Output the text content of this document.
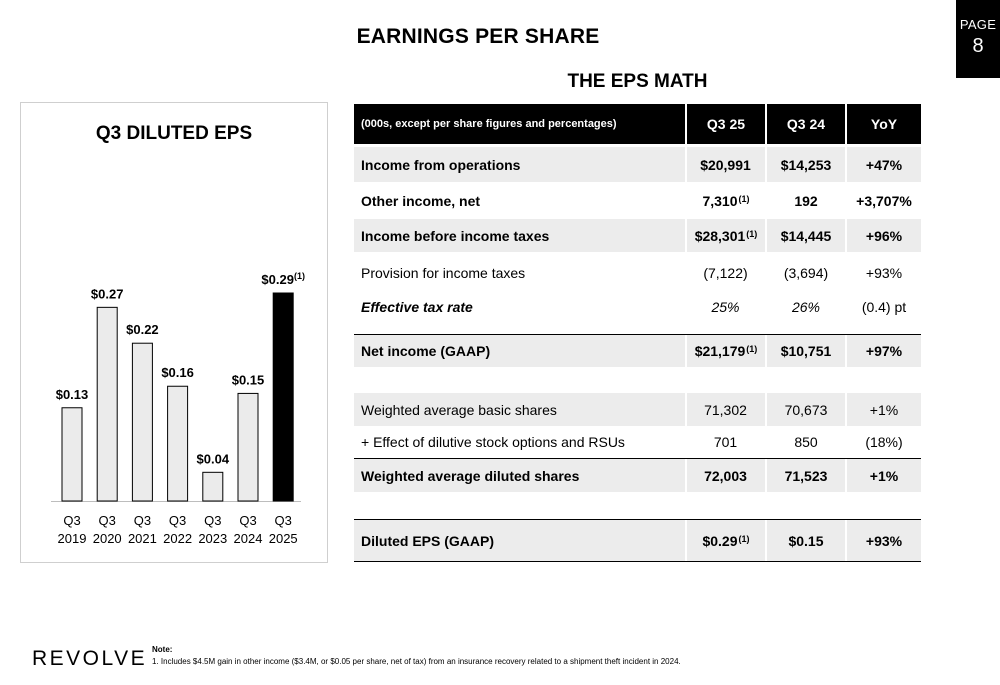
PAGE
8
EARNINGS PER SHARE
THE EPS MATH
Q3 DILUTED EPS
$0.13
Q3
2019
$0.27
Q3
2020
$0.22
Q3
2021
$0.16
Q3
2022
$0.04
Q3
2023
$0.15
Q3
2024
$0.29$^{(1)}$
Q3
2025
(000s, except per share figures and percentages)	Q3 25	Q3 24	YoY
Income from operations	$20,991	$14,253	+47%
Other income, net	7,310$^{(1)}$	192	+3,707%
Income before income taxes	$28,301$^{(1)}$	$14,445	+96%
Provision for income taxes	(7,122)	(3,694)	+93%
Effective tax rate	25%	26%	(0.4) pt
Net income (GAAP)	$21,179$^{(1)}$	$10,751	+97%
Weighted average basic shares	71,302	70,673	+1%
+ Effect of dilutive stock options and RSUs	701	850	(18%)
Weighted average diluted shares	72,003	71,523	+1%
Diluted EPS (GAAP)	$0.29$^{(1)}$	$0.15	+93%
REVOLVE Note:
1. Includes $4.5M gain in other income ($3.4M, or $0.05 per share, net of tax) from an insurance recovery related to a shipment theft incident in 2024.
